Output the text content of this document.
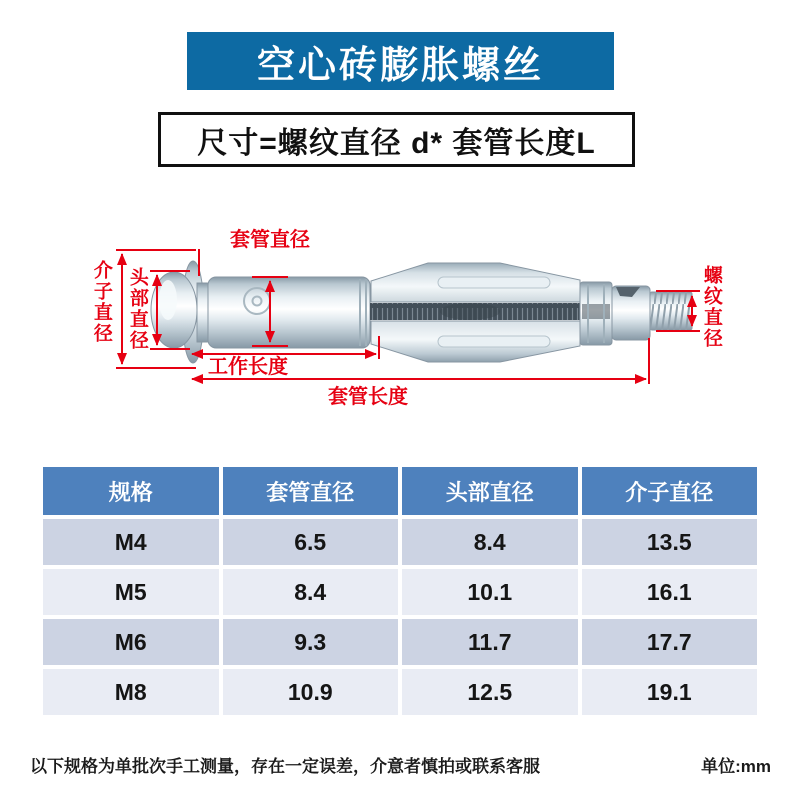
空心砖膨胀螺丝
尺寸=螺纹直径 d* 套管长度L
套管直径
介子直径 头部直径	螺纹直径
工作长度
套管长度
规格	套管直径	头部直径	介子直径
M4	6.5	8.4	13.5
M5	8.4	10.1	16.1
M6	9.3	11.7	17.7
M8	10.9	12.5	19.1
以下规格为单批次手工测量，存在一定误差，介意者慎拍或联系客服	单位:mm
